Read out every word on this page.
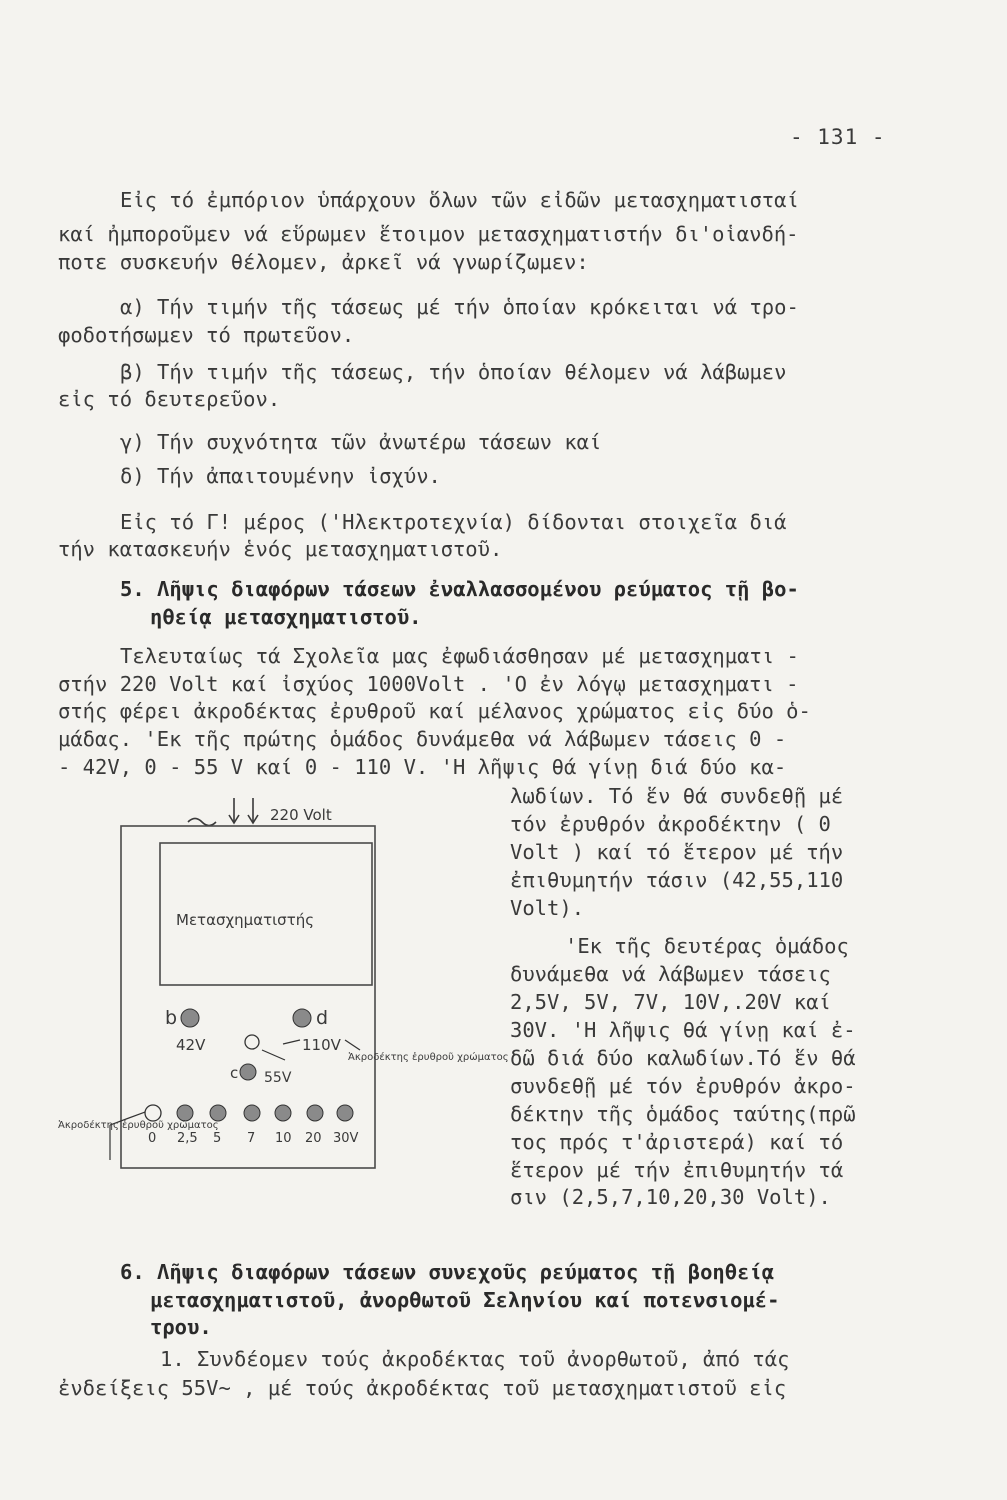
- 131 -
Εἰς τό ἐμπόριον ὑπάρχουν ὅλων τῶν εἰδῶν μετασχηματισταί
καί ἠμποροῦμεν νά εὕρωμεν ἕτοιμον μετασχηματιστήν δι'οἱανδή-
ποτε συσκευήν θέλομεν, ἀρκεῖ νά γνωρίζωμεν:
α) Τήν τιμήν τῆς τάσεως μέ τήν ὁποίαν κρόκειται νά τρο-
φοδοτήσωμεν τό πρωτεῦον.
β) Τήν τιμήν τῆς τάσεως, τήν ὁποίαν θέλομεν νά λάβωμεν
εἰς τό δευτερεῦον.
γ) Τήν συχνότητα τῶν ἀνωτέρω τάσεων καί
δ) Τήν ἀπαιτουμένην ἰσχύν.
Εἰς τό Γ! μέρος ('Ηλεκτροτεχνία) δίδονται στοιχεῖα διά
τήν κατασκευήν ἑνός μετασχηματιστοῦ.
5. Λῆψις διαφόρων τάσεων ἐναλλασσομένου ρεύματος τῇ βο-
ηθείᾳ μετασχηματιστοῦ.
Τελευταίως τά Σχολεῖα μας ἐφωδιάσθησαν μέ μετασχηματι -
στήν 220 Volt καί ἰσχύος 1000Volt . 'Ο ἐν λόγῳ μετασχηματι -
στής φέρει ἀκροδέκτας ἐρυθροῦ καί μέλανος χρώματος εἰς δύο ὁ-
μάδας. 'Εκ τῆς πρώτης ὁμάδος δυνάμεθα νά λάβωμεν τάσεις 0 -
- 42V, 0 - 55 V καί 0 - 110 V. 'Η λῆψις θά γίνῃ διά δύο κα-
λωδίων. Τό ἕν θά συνδεθῇ μέ
τόν ἐρυθρόν ἀκροδέκτην ( 0
Volt ) καί τό ἕτερον μέ τήν
ἐπιθυμητήν τάσιν (42,55,110
Volt).
'Εκ τῆς δευτέρας ὁμάδος
δυνάμεθα νά λάβωμεν τάσεις
2,5V, 5V, 7V, 10V,.20V καί
30V. 'Η λῆψις θά γίνῃ καί ἐ-
δῶ διά δύο καλωδίων.Τό ἕν θά
συνδεθῇ μέ τόν ἐρυθρόν ἀκρο-
δέκτην τῆς ὁμάδος ταύτης(πρῶ
τος πρός τ'ἀριστερά) καί τό
ἕτερον μέ τήν ἐπιθυμητήν τά
σιν (2,5,7,10,20,30 Volt).
6. Λῆψις διαφόρων τάσεων συνεχοῦς ρεύματος τῇ βοηθείᾳ
μετασχηματιστοῦ, ἀνορθωτοῦ Σεληνίου καί ποτενσιομέ-
τρου.
1. Συνδέομεν τούς ἀκροδέκτας τοῦ ἀνορθωτοῦ, ἀπό τάς
ἐνδείξεις 55V~ , μέ τούς ἀκροδέκτας τοῦ μετασχηματιστοῦ εἰς
220 Volt
Μετασχηματιστής
b	d
42V	110V
Ἀκροδέκτης ἐρυθροῦ χρώματος
c 55V
0 2,5 5 7 10 20 30V
Ἀκροδέκτης ἐρυθροῦ χρώματος
